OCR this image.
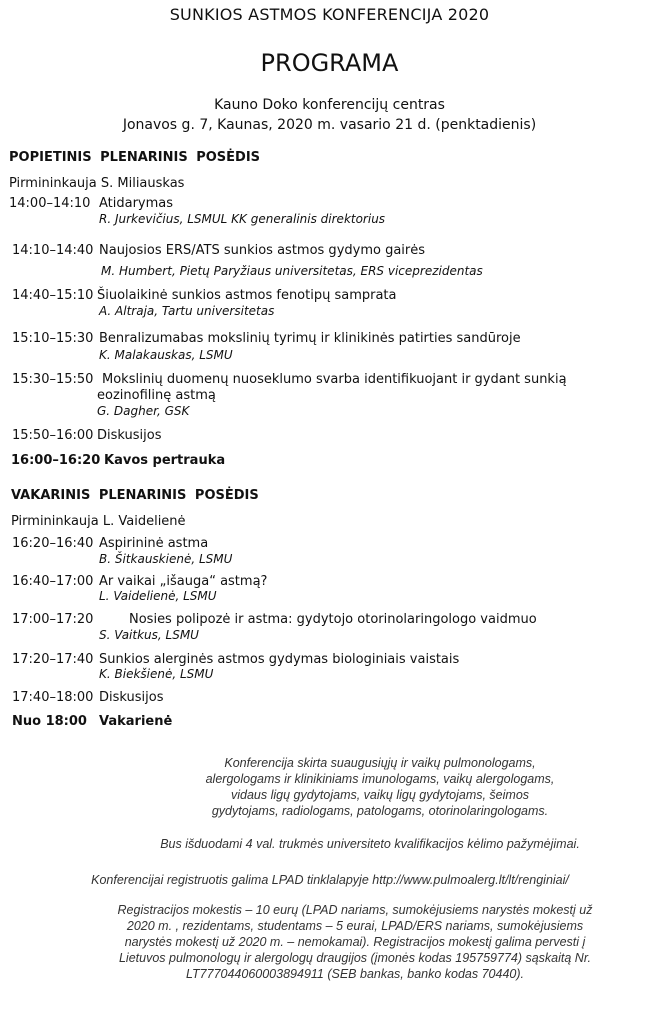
SUNKIOS ASTMOS KONFERENCIJA 2020
PROGRAMA
Kauno Doko konferencijų centras
Jonavos g. 7, Kaunas, 2020 m. vasario 21 d. (penktadienis)
POPIETINIS PLENARINIS POSĖDIS
Pirmininkauja S. Miliauskas
14:00–14:10 Atidarymas
R. Jurkevičius, LSMUL KK generalinis direktorius
14:10–14:40 Naujosios ERS/ATS sunkios astmos gydymo gairės
M. Humbert, Pietų Paryžiaus universitetas, ERS viceprezidentas
14:40–15:10 Šiuolaikinė sunkios astmos fenotipų samprata
A. Altraja, Tartu universitetas
15:10–15:30 Benralizumabas mokslinių tyrimų ir klinikinės patirties sandūroje
K. Malakauskas, LSMU
15:30–15:50 Mokslinių duomenų nuoseklumo svarba identifikuojant ir gydant sunkią
eozinofilinę astmą
G. Dagher, GSK
15:50–16:00 Diskusijos
16:00–16:20 Kavos pertrauka
VAKARINIS PLENARINIS POSĖDIS
Pirmininkauja L. Vaidelienė
16:20–16:40 Aspirininė astma
B. Šitkauskienė, LSMU
16:40–17:00 Ar vaikai „išauga“ astmą?
L. Vaidelienė, LSMU
17:00–17:20	Nosies polipozė ir astma: gydytojo otorinolaringologo vaidmuo
S. Vaitkus, LSMU
17:20–17:40 Sunkios alerginės astmos gydymas biologiniais vaistais
K. Biekšienė, LSMU
17:40–18:00 Diskusijos
Nuo 18:00 Vakarienė
Konferencija skirta suaugusiųjų ir vaikų pulmonologams,
alergologams ir klinikiniams imunologams, vaikų alergologams,
vidaus ligų gydytojams, vaikų ligų gydytojams, šeimos
gydytojams, radiologams, patologams, otorinolaringologams.
Bus išduodami 4 val. trukmės universiteto kvalifikacijos kėlimo pažymėjimai.
Konferencijai registruotis galima LPAD tinklalapyje http://www.pulmoalerg.lt/lt/renginiai/
Registracijos mokestis – 10 eurų (LPAD nariams, sumokėjusiems narystės mokestį už
2020 m. , rezidentams, studentams – 5 eurai, LPAD/ERS nariams, sumokėjusiems
narystės mokestį už 2020 m. – nemokamai). Registracijos mokestį galima pervesti į
Lietuvos pulmonologų ir alergologų draugijos (įmonės kodas 195759774) sąskaitą Nr.
LT777044060003894911 (SEB bankas, banko kodas 70440).
